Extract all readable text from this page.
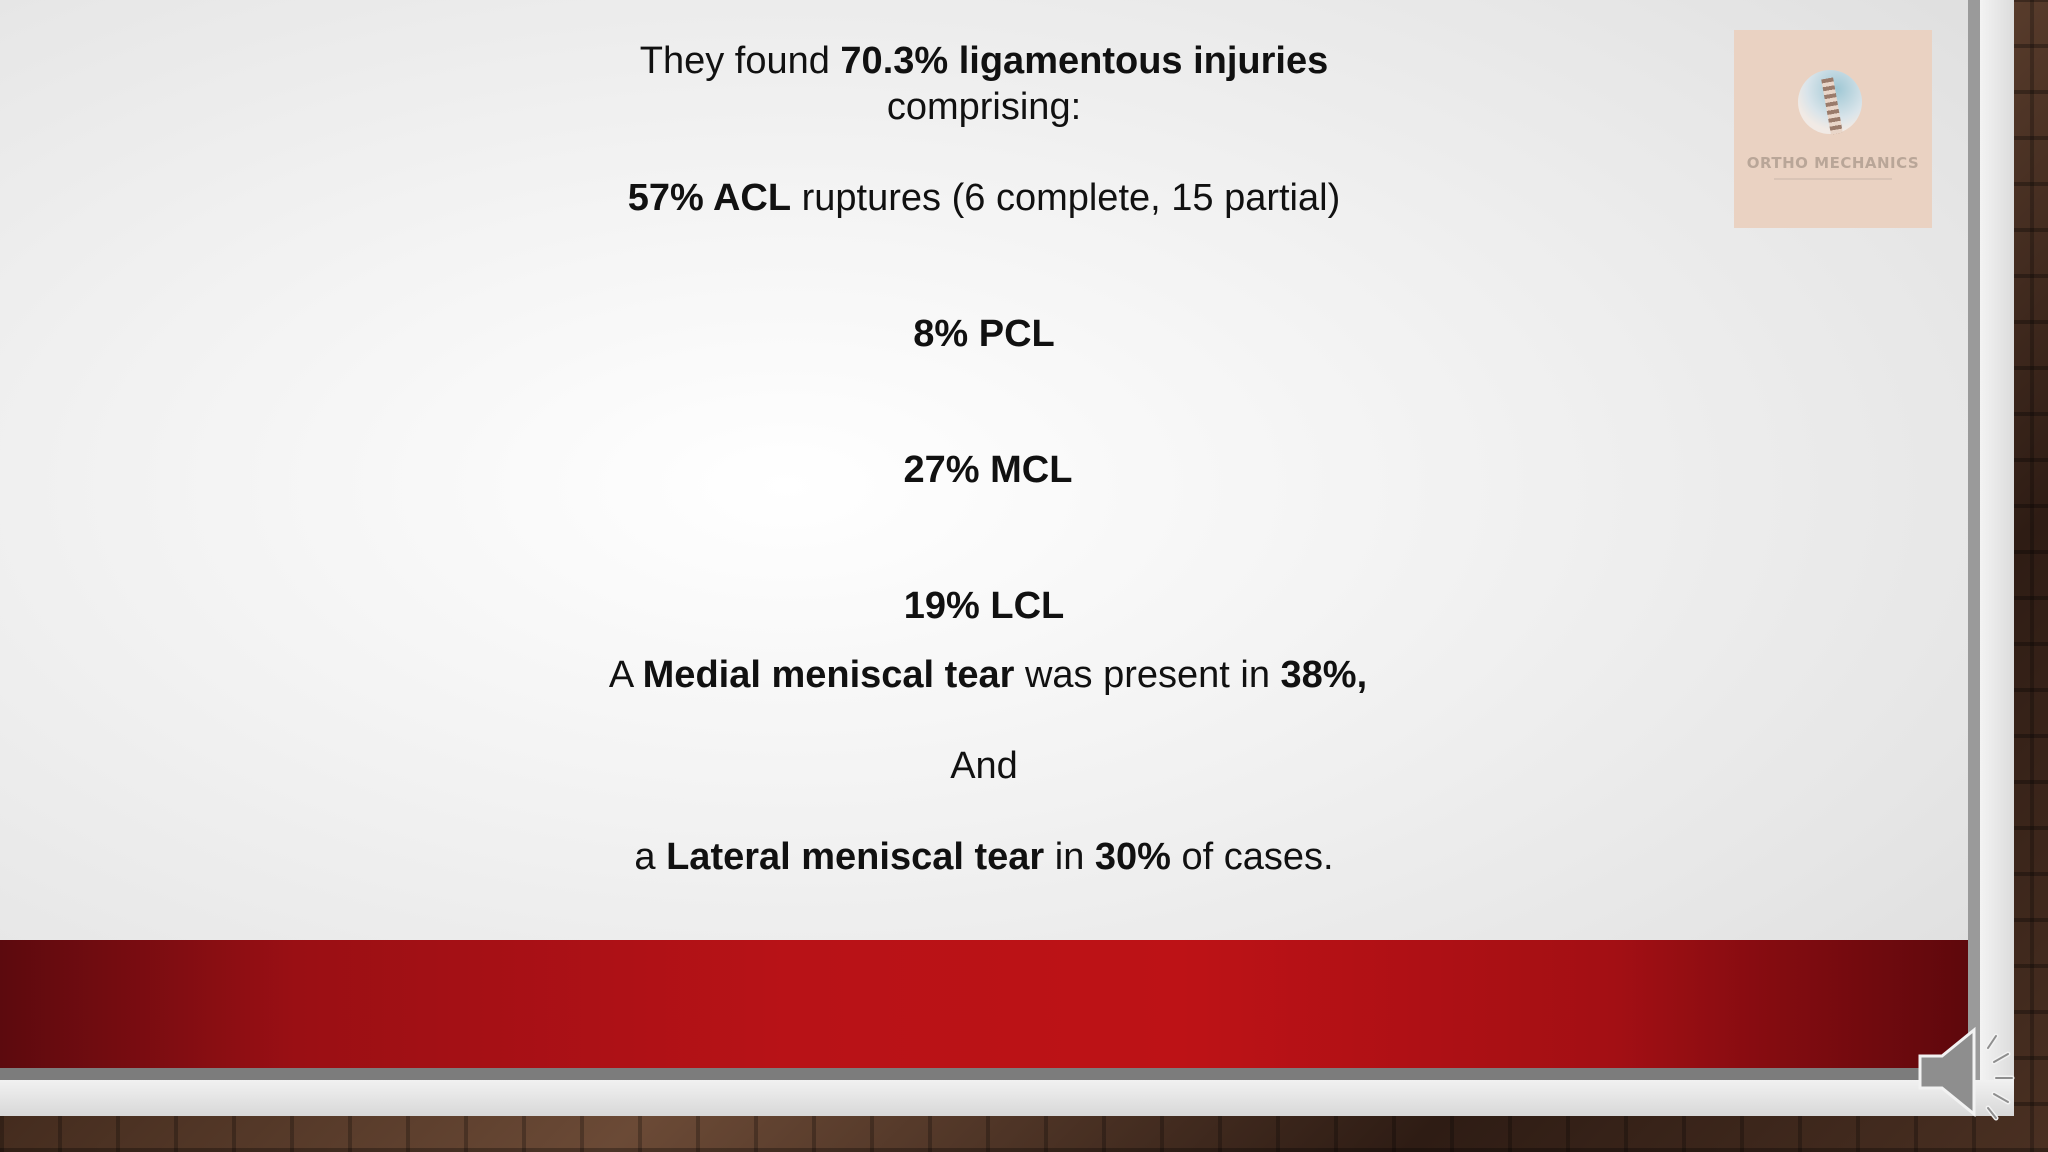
They found 70.3% ligamentous injuries
comprising:
57% ACL ruptures (6 complete, 15 partial)
8% PCL
27% MCL
19% LCL
A Medial meniscal tear was present in 38%,
And
a Lateral meniscal tear in 30% of cases.
ORTHO MECHANICS
